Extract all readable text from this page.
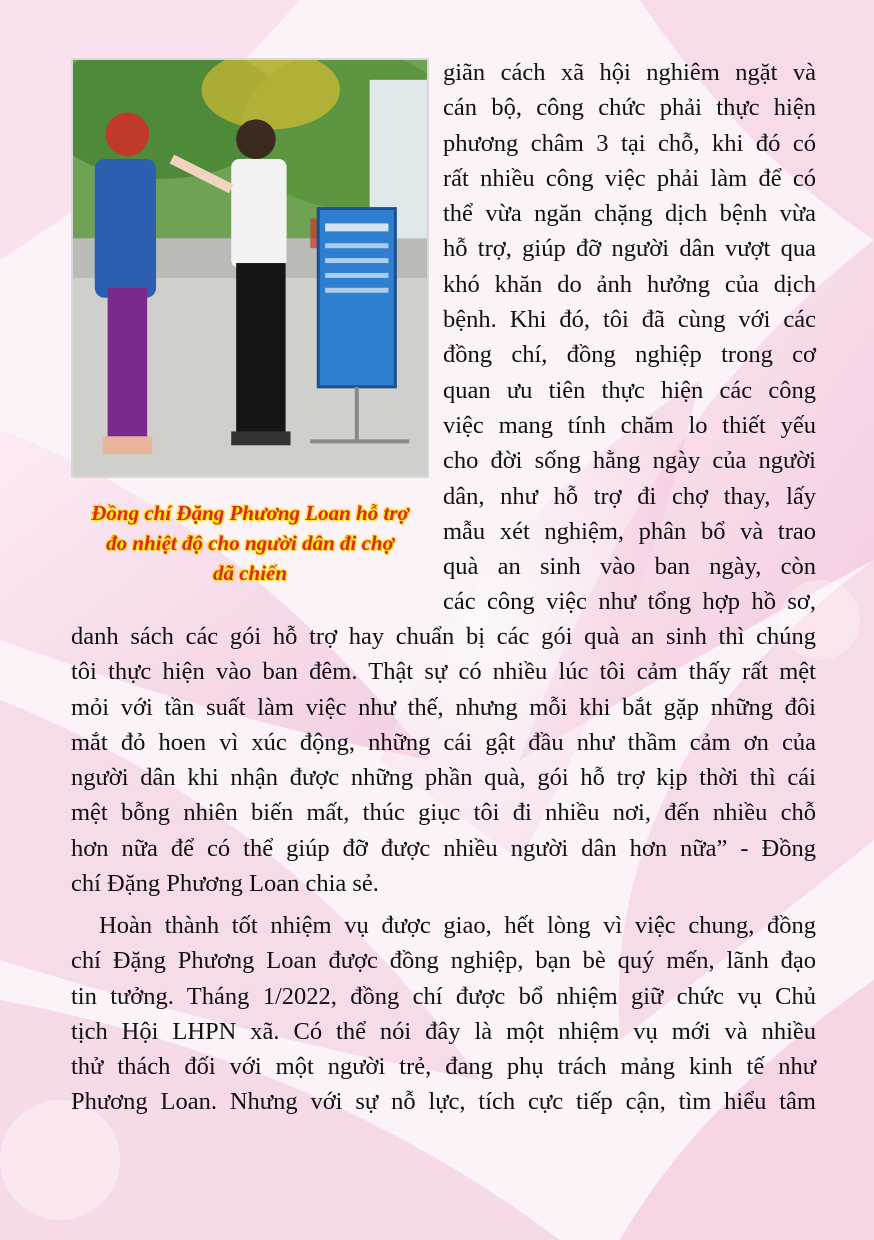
Đồng chí Đặng Phương Loan hỗ trợ
đo nhiệt độ cho người dân đi chợ
dã chiến
giãn cách xã hội nghiêm ngặt và
cán bộ, công chức phải thực hiện
phương châm 3 tại chỗ, khi đó có
rất nhiều công việc phải làm để có
thể vừa ngăn chặng dịch bệnh vừa
hỗ trợ, giúp đỡ người dân vượt qua
khó khăn do ảnh hưởng của dịch
bệnh. Khi đó, tôi đã cùng với các
đồng chí, đồng nghiệp trong cơ
quan ưu tiên thực hiện các công
việc mang tính chăm lo thiết yếu
cho đời sống hằng ngày của người
dân, như hỗ trợ đi chợ thay, lấy
mẫu xét nghiệm, phân bổ và trao
quà an sinh vào ban ngày, còn
các công việc như tổng hợp hồ sơ,
danh sách các gói hỗ trợ hay chuẩn bị các gói quà an sinh thì chúng
tôi thực hiện vào ban đêm. Thật sự có nhiều lúc tôi cảm thấy rất mệt
mỏi với tần suất làm việc như thế, nhưng mỗi khi bắt gặp những đôi
mắt đỏ hoen vì xúc động, những cái gật đầu như thầm cảm ơn của
người dân khi nhận được những phần quà, gói hỗ trợ kịp thời thì cái
mệt bỗng nhiên biến mất, thúc giục tôi đi nhiều nơi, đến nhiều chỗ
hơn nữa để có thể giúp đỡ được nhiều người dân hơn nữa” - Đồng
chí Đặng Phương Loan chia sẻ.
Hoàn thành tốt nhiệm vụ được giao, hết lòng vì việc chung, đồng
chí Đặng Phương Loan được đồng nghiệp, bạn bè quý mến, lãnh đạo
tin tưởng. Tháng 1/2022, đồng chí được bổ nhiệm giữ chức vụ Chủ
tịch Hội LHPN xã. Có thể nói đây là một nhiệm vụ mới và nhiều
thử thách đối với một người trẻ, đang phụ trách mảng kinh tế như
Phương Loan. Nhưng với sự nỗ lực, tích cực tiếp cận, tìm hiểu tâm
